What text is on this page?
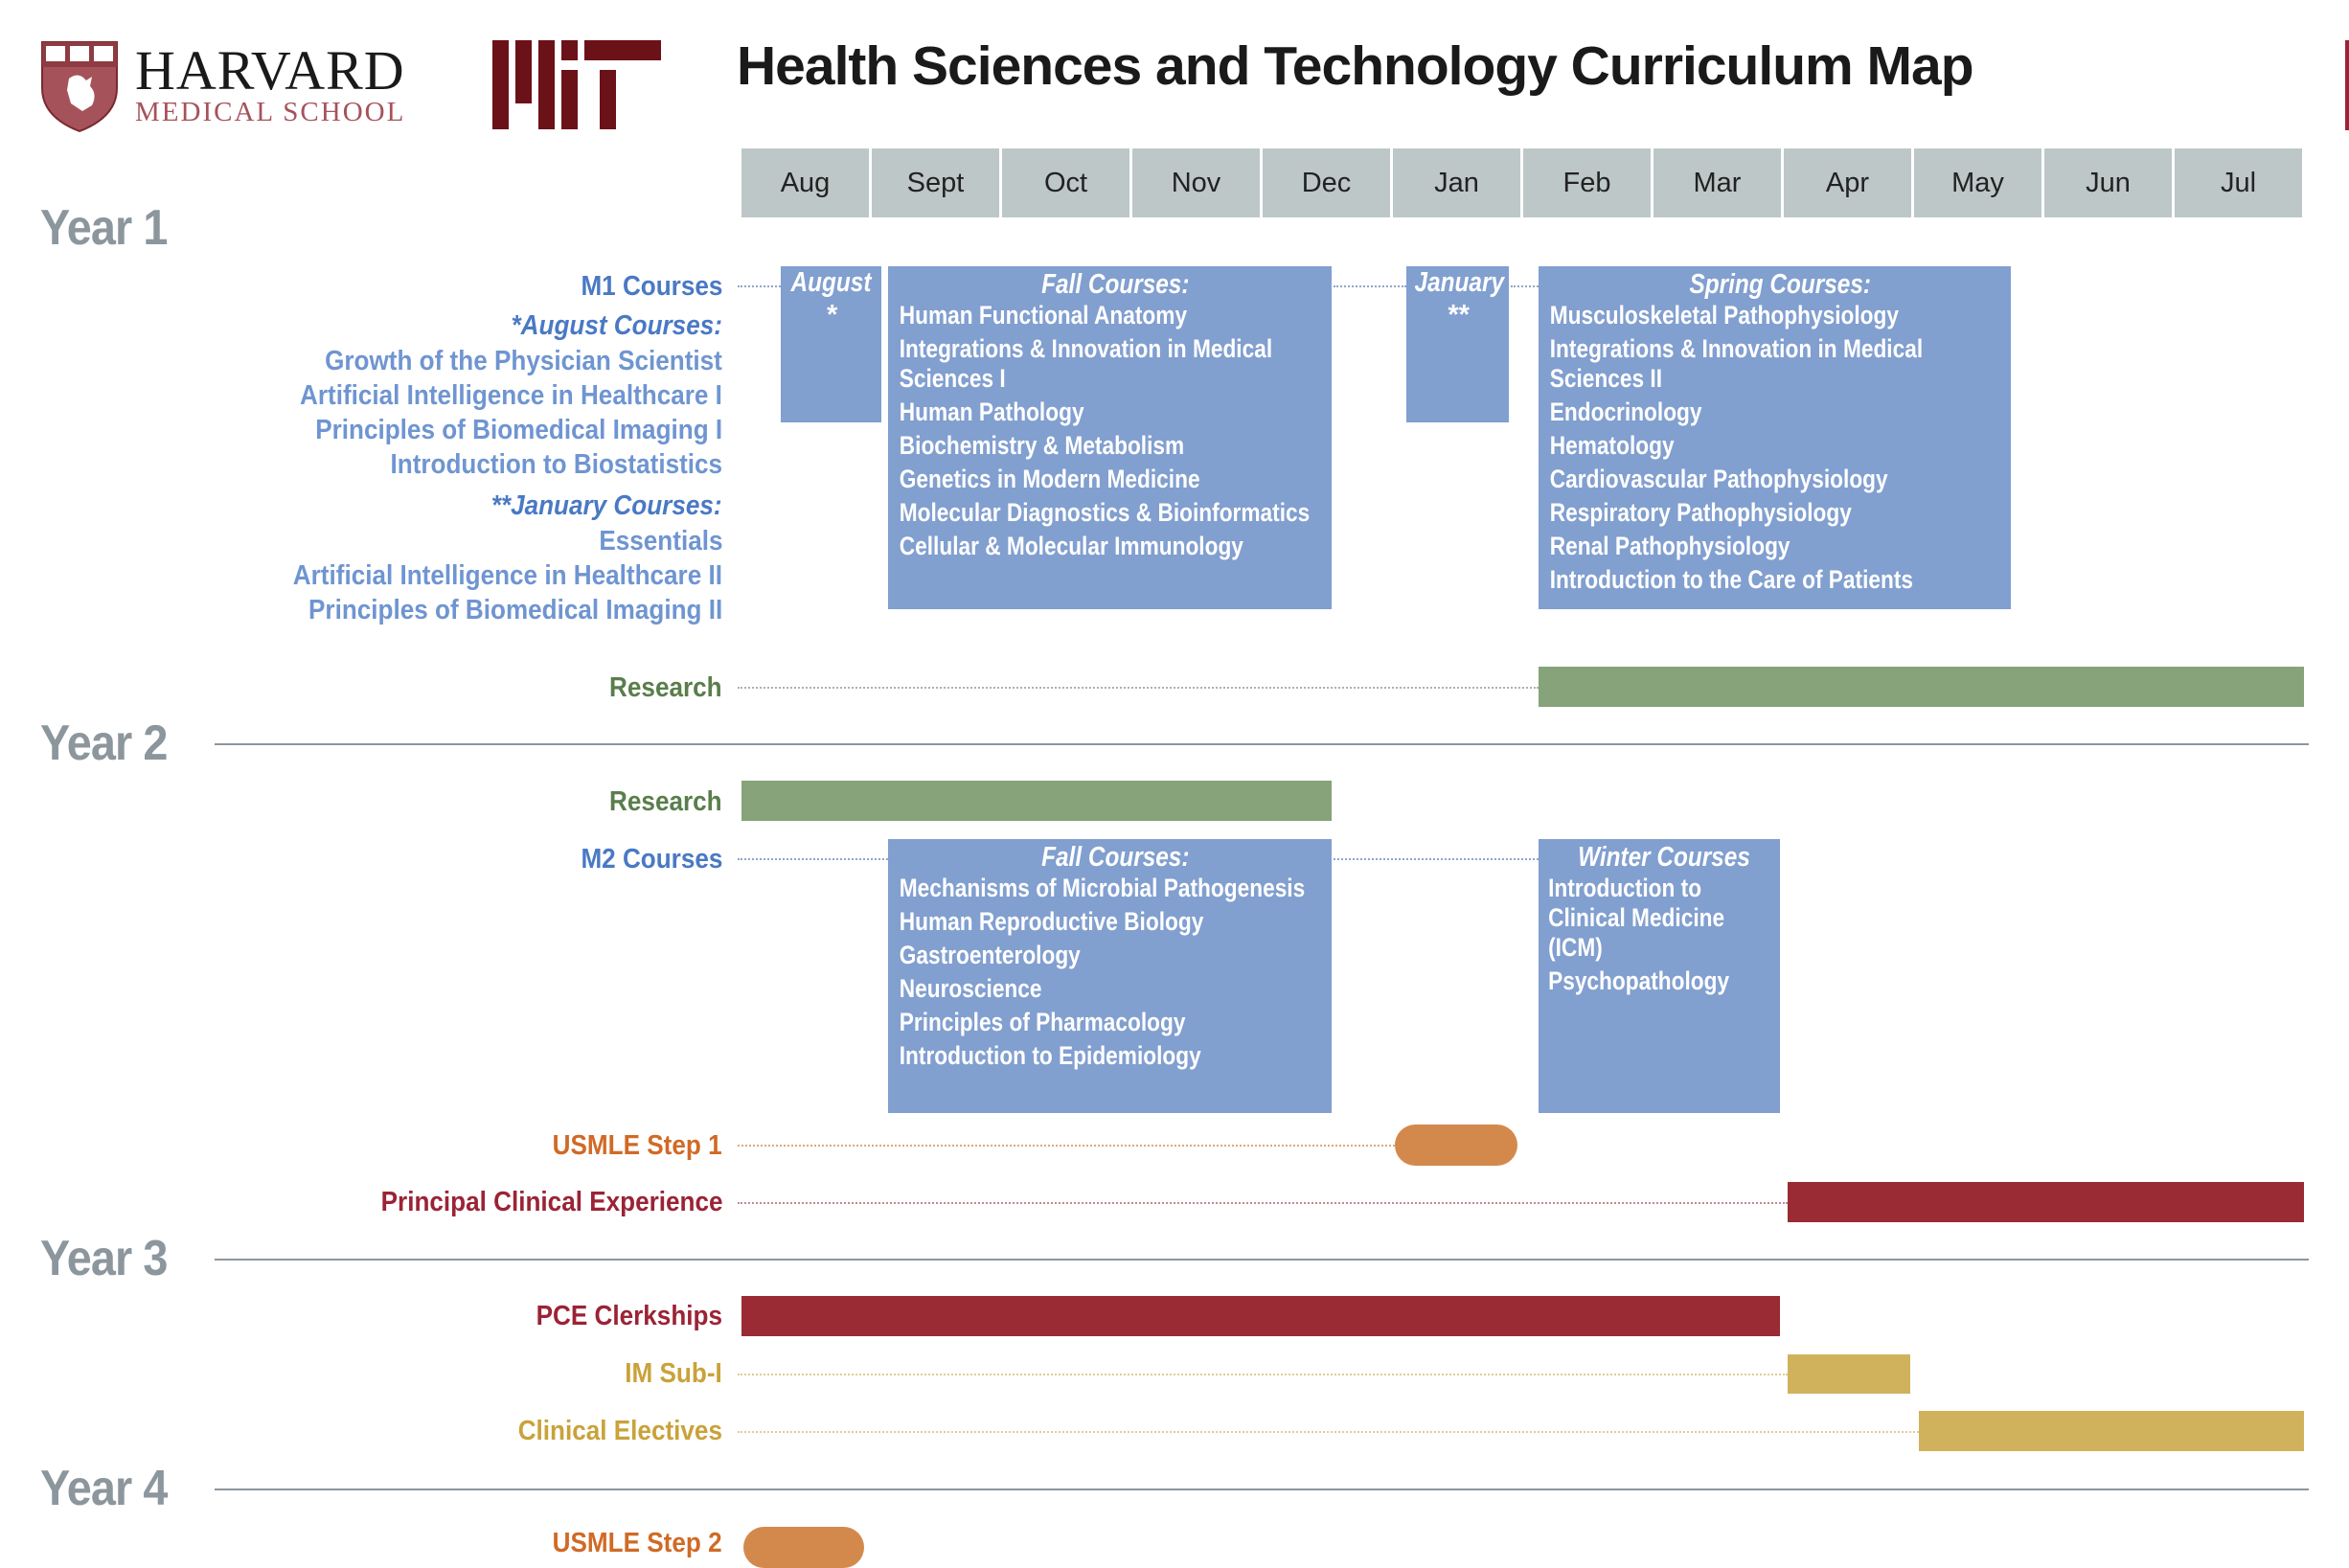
HARVARD
MEDICAL SCHOOL
Health Sciences and Technology Curriculum Map
Aug	Sept	Oct	Nov	Dec	Jan	Feb	Mar	Apr	May	Jun	Jul
Year 1
Year 2
Year 3
Year 4
M1 Courses
*August Courses:
Growth of the Physician Scientist
Artificial Intelligence in Healthcare I
Principles of Biomedical Imaging I
Introduction to Biostatistics
**January Courses:
Essentials
Artificial Intelligence in Healthcare II
Principles of Biomedical Imaging II
August
*
Fall Courses:
Human Functional Anatomy
Integrations & Innovation in Medical Sciences I
Human Pathology
Biochemistry & Metabolism
Genetics in Modern Medicine
Molecular Diagnostics & Bioinformatics
Cellular & Molecular Immunology
January
**
Spring Courses:
Musculoskeletal Pathophysiology
Integrations & Innovation in Medical Sciences II
Endocrinology
Hematology
Cardiovascular Pathophysiology
Respiratory Pathophysiology
Renal Pathophysiology
Introduction to the Care of Patients
Research
Research
M2 Courses	Fall Courses:
Mechanisms of Microbial Pathogenesis
Human Reproductive Biology
Gastroenterology
Neuroscience
Principles of Pharmacology
Introduction to Epidemiology
Winter Courses
Introduction to Clinical Medicine (ICM)
Psychopathology
USMLE Step 1
Principal Clinical Experience
PCE Clerkships
IM Sub-I
Clinical Electives
USMLE Step 2
